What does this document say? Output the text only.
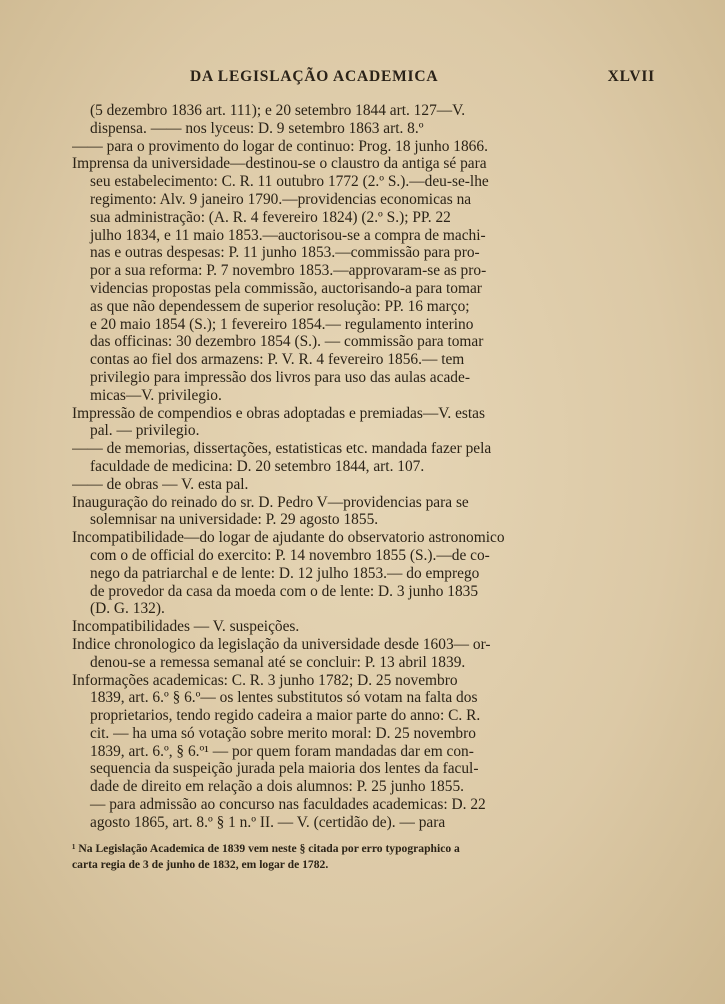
DA LEGISLAÇÃO ACADEMICA	XLVII
(5 dezembro 1836 art. 111); e 20 setembro 1844 art. 127—V.
dispensa. —— nos lyceus: D. 9 setembro 1863 art. 8.º
—— para o provimento do logar de continuo: Prog. 18 junho 1866.
Imprensa da universidade—destinou-se o claustro da antiga sé para
seu estabelecimento: C. R. 11 outubro 1772 (2.º S.).—deu-se-lhe
regimento: Alv. 9 janeiro 1790.—providencias economicas na
sua administração: (A. R. 4 fevereiro 1824) (2.º S.); PP. 22
julho 1834, e 11 maio 1853.—auctorisou-se a compra de machi-
nas e outras despesas: P. 11 junho 1853.—commissão para pro-
por a sua reforma: P. 7 novembro 1853.—approvaram-se as pro-
videncias propostas pela commissão, auctorisando-a para tomar
as que não dependessem de superior resolução: PP. 16 março;
e 20 maio 1854 (S.); 1 fevereiro 1854.— regulamento interino
das officinas: 30 dezembro 1854 (S.). — commissão para tomar
contas ao fiel dos armazens: P. V. R. 4 fevereiro 1856.— tem
privilegio para impressão dos livros para uso das aulas acade-
micas—V. privilegio.
Impressão de compendios e obras adoptadas e premiadas—V. estas
pal. — privilegio.
—— de memorias, dissertações, estatisticas etc. mandada fazer pela
faculdade de medicina: D. 20 setembro 1844, art. 107.
—— de obras — V. esta pal.
Inauguração do reinado do sr. D. Pedro V—providencias para se
solemnisar na universidade: P. 29 agosto 1855.
Incompatibilidade—do logar de ajudante do observatorio astronomico
com o de official do exercito: P. 14 novembro 1855 (S.).—de co-
nego da patriarchal e de lente: D. 12 julho 1853.— do emprego
de provedor da casa da moeda com o de lente: D. 3 junho 1835
(D. G. 132).
Incompatibilidades — V. suspeições.
Indice chronologico da legislação da universidade desde 1603— or-
denou-se a remessa semanal até se concluir: P. 13 abril 1839.
Informações academicas: C. R. 3 junho 1782; D. 25 novembro
1839, art. 6.º § 6.º— os lentes substitutos só votam na falta dos
proprietarios, tendo regido cadeira a maior parte do anno: C. R.
cit. — ha uma só votação sobre merito moral: D. 25 novembro
1839, art. 6.º, § 6.º¹ — por quem foram mandadas dar em con-
sequencia da suspeição jurada pela maioria dos lentes da facul-
dade de direito em relação a dois alumnos: P. 25 junho 1855.
— para admissão ao concurso nas faculdades academicas: D. 22
agosto 1865, art. 8.º § 1 n.º II. — V. (certidão de). — para
¹ Na Legislação Academica de 1839 vem neste § citada por erro typographico a
carta regia de 3 de junho de 1832, em logar de 1782.
